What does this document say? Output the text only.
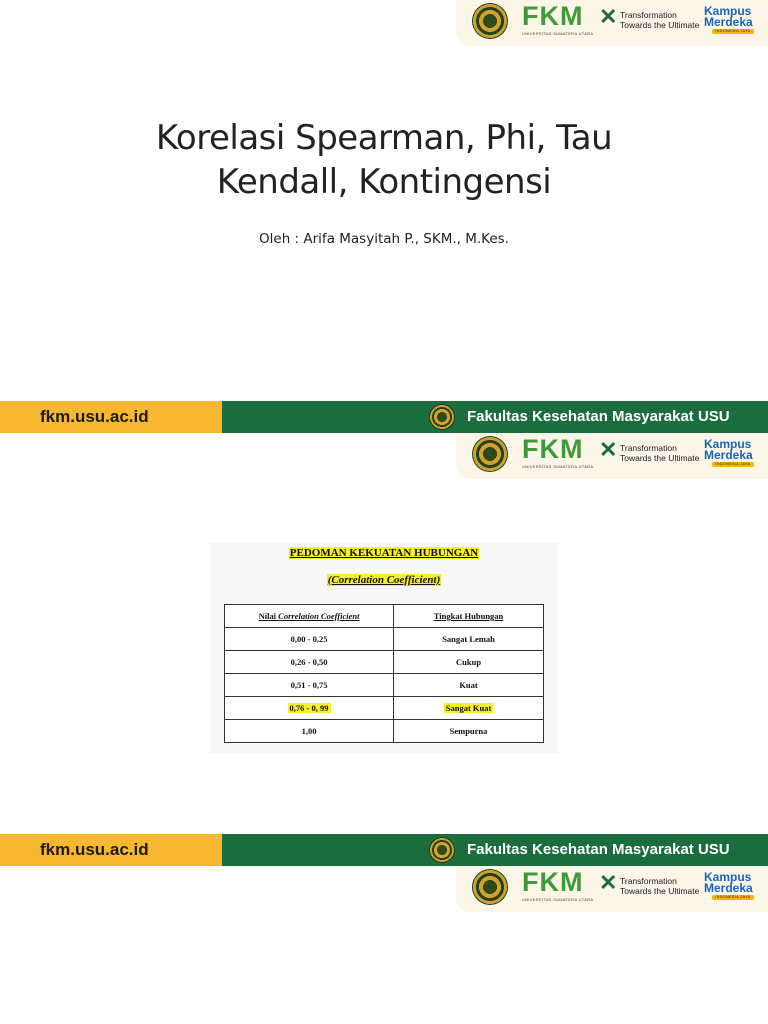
FKM
UNIVERSITAS SUMATERA UTARA
✕ Transformation
Towards the Ultimate
Kampus
Merdeka
INDONESIA JAYA
Korelasi Spearman, Phi, Tau
Kendall, Kontingensi
Oleh : Arifa Masyitah P., SKM., M.Kes.
fkm.usu.ac.id	Fakultas Kesehatan Masyarakat USU
FKM
UNIVERSITAS SUMATERA UTARA
✕ Transformation
Towards the Ultimate
Kampus
Merdeka
INDONESIA JAYA
PEDOMAN KEKUATAN HUBUNGAN
(Correlation Coefficient)
Nilai Correlation Coefficient	Tingkat Hubungan
0,00 - 0,25	Sangat Lemah
0,26 - 0,50	Cukup
0,51 - 0,75	Kuat
0,76 - 0, 99	Sangat Kuat
1,00	Sempurna
fkm.usu.ac.id	Fakultas Kesehatan Masyarakat USU
FKM
UNIVERSITAS SUMATERA UTARA
✕ Transformation
Towards the Ultimate
Kampus
Merdeka
INDONESIA JAYA
